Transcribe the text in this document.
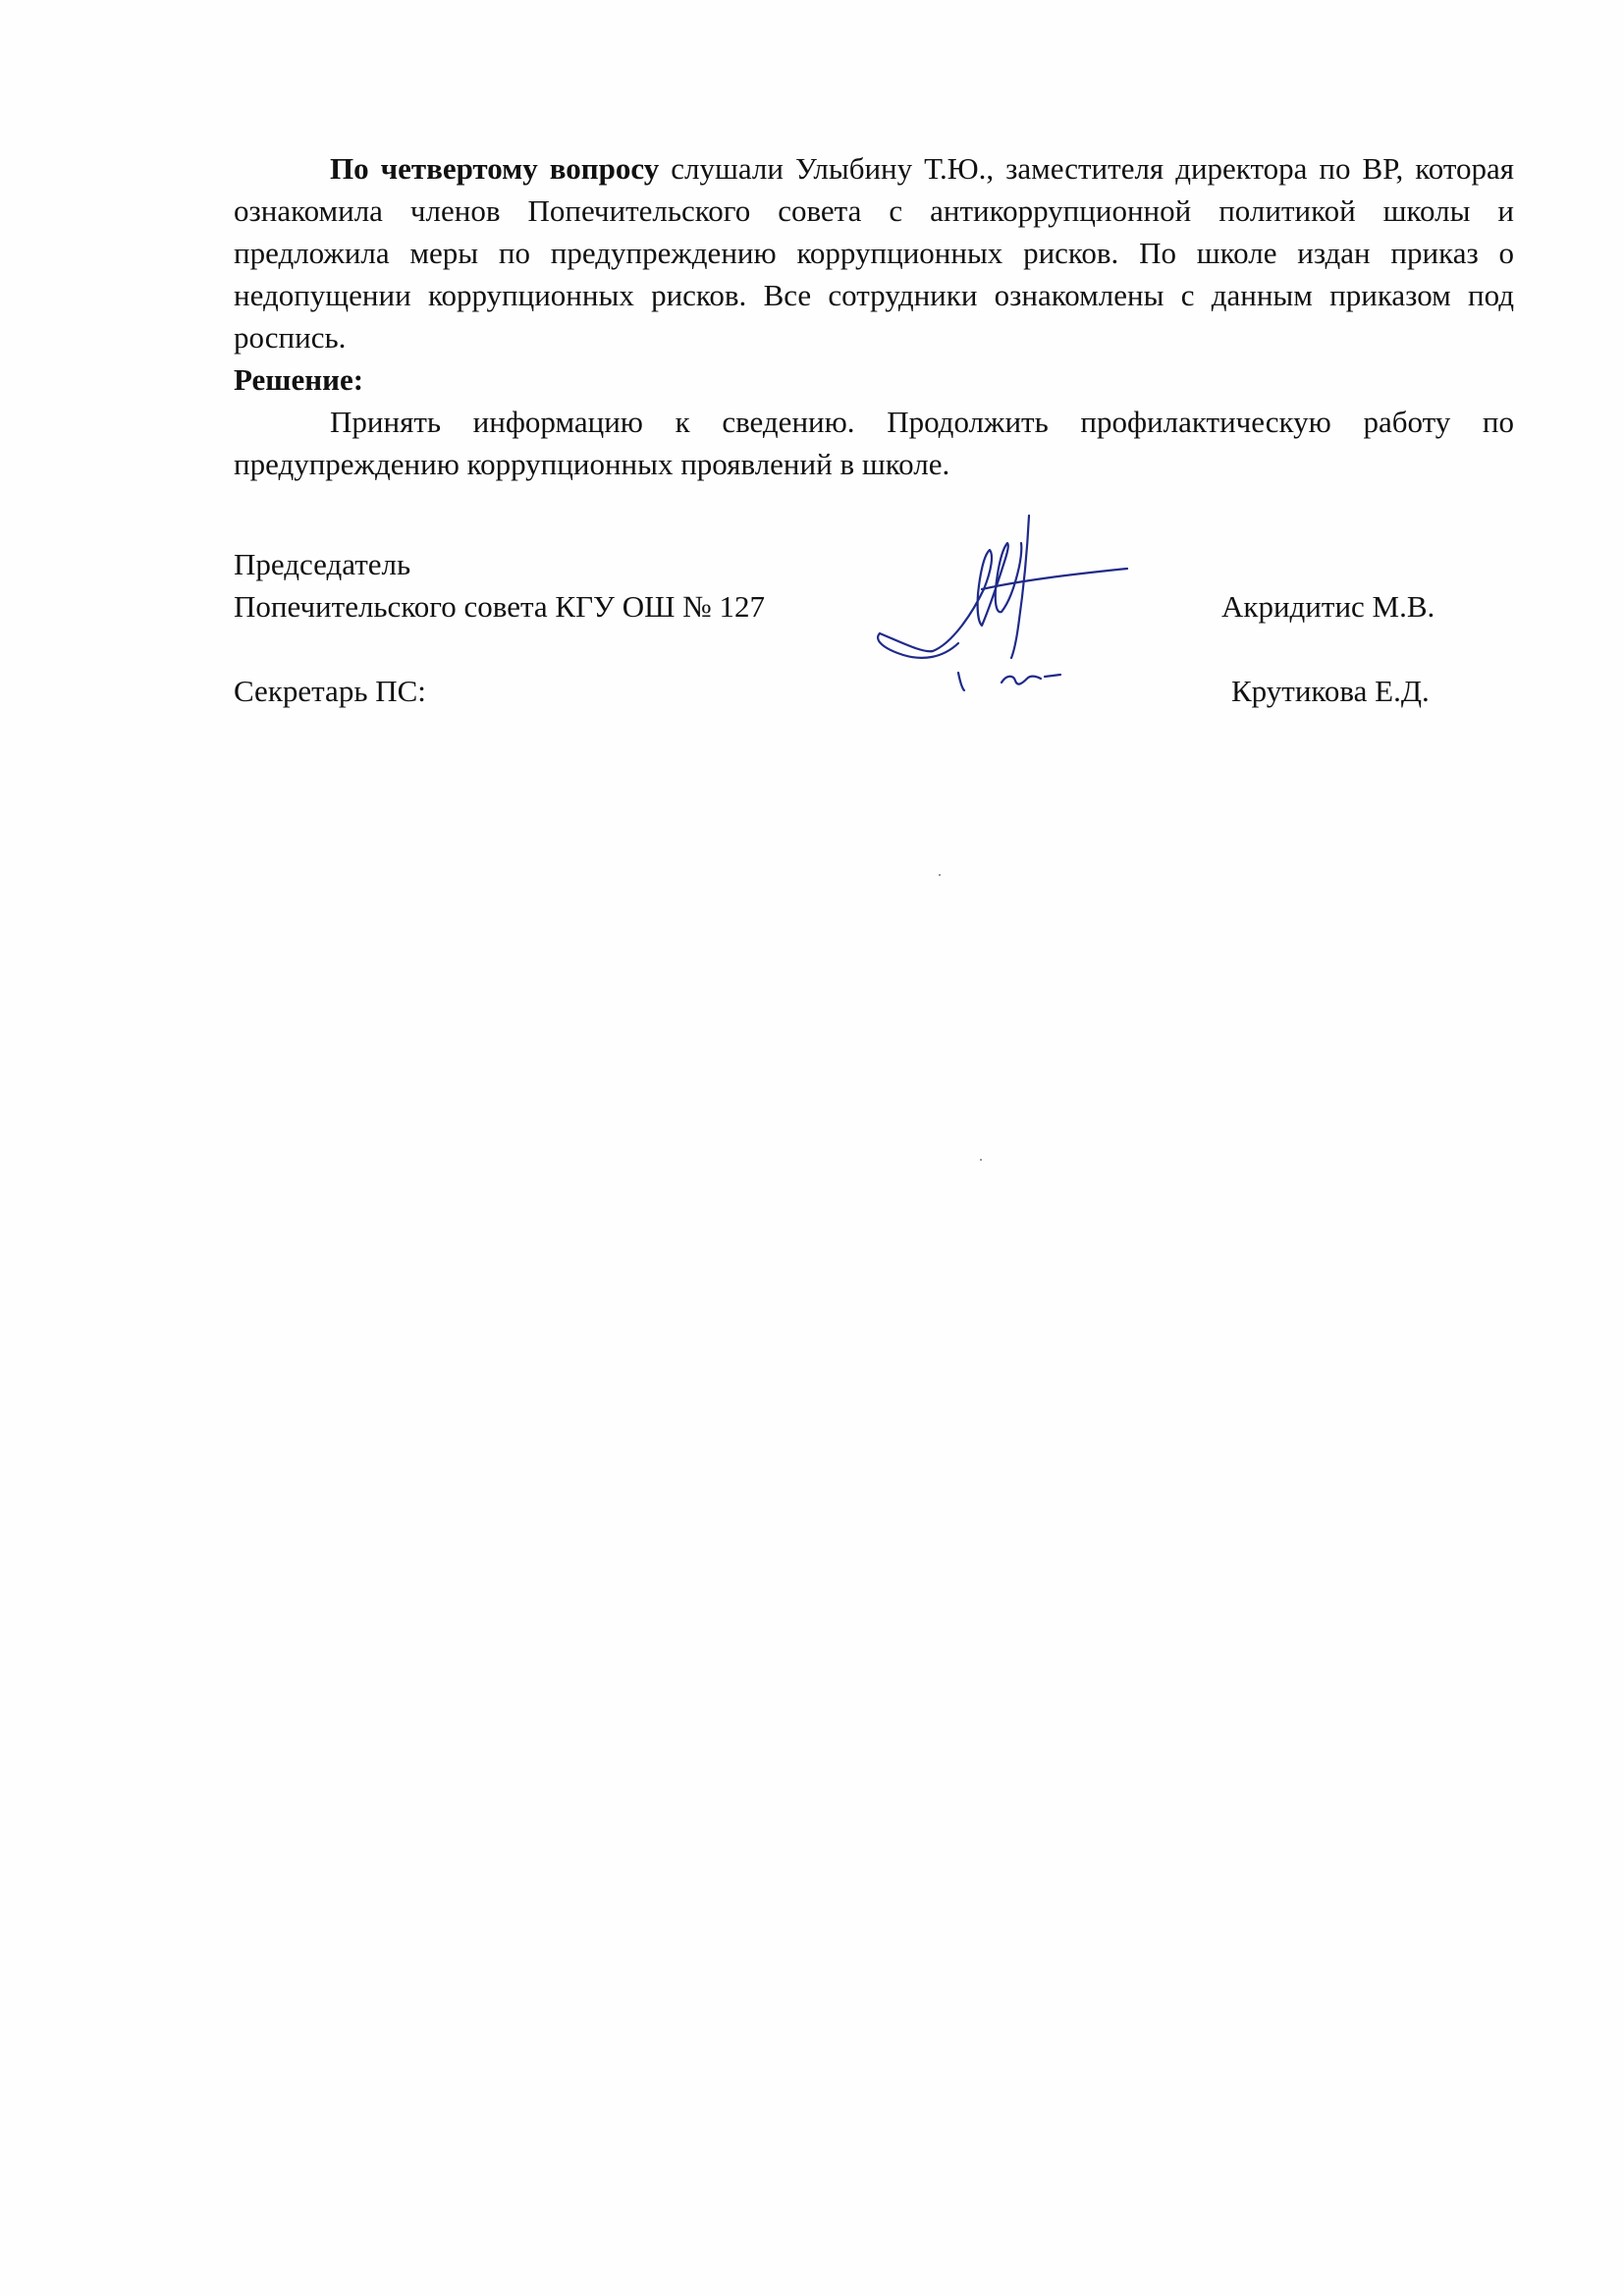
По четвертому вопросу слушали Улыбину Т.Ю., заместителя директора по ВР, которая ознакомила членов Попечительского совета с антикоррупционной политикой школы и предложила меры по предупреждению коррупционных рисков. По школе издан приказ о недопущении коррупционных рисков. Все сотрудники ознакомлены с данным приказом под роспись.

Решение:

Принять информацию к сведению. Продолжить профилактическую работу по предупреждению коррупционных проявлений в школе.

Председатель
Попечительского совета КГУ ОШ № 127	Акридитис М.В.
Секретарь ПС:	Крутикова Е.Д.
